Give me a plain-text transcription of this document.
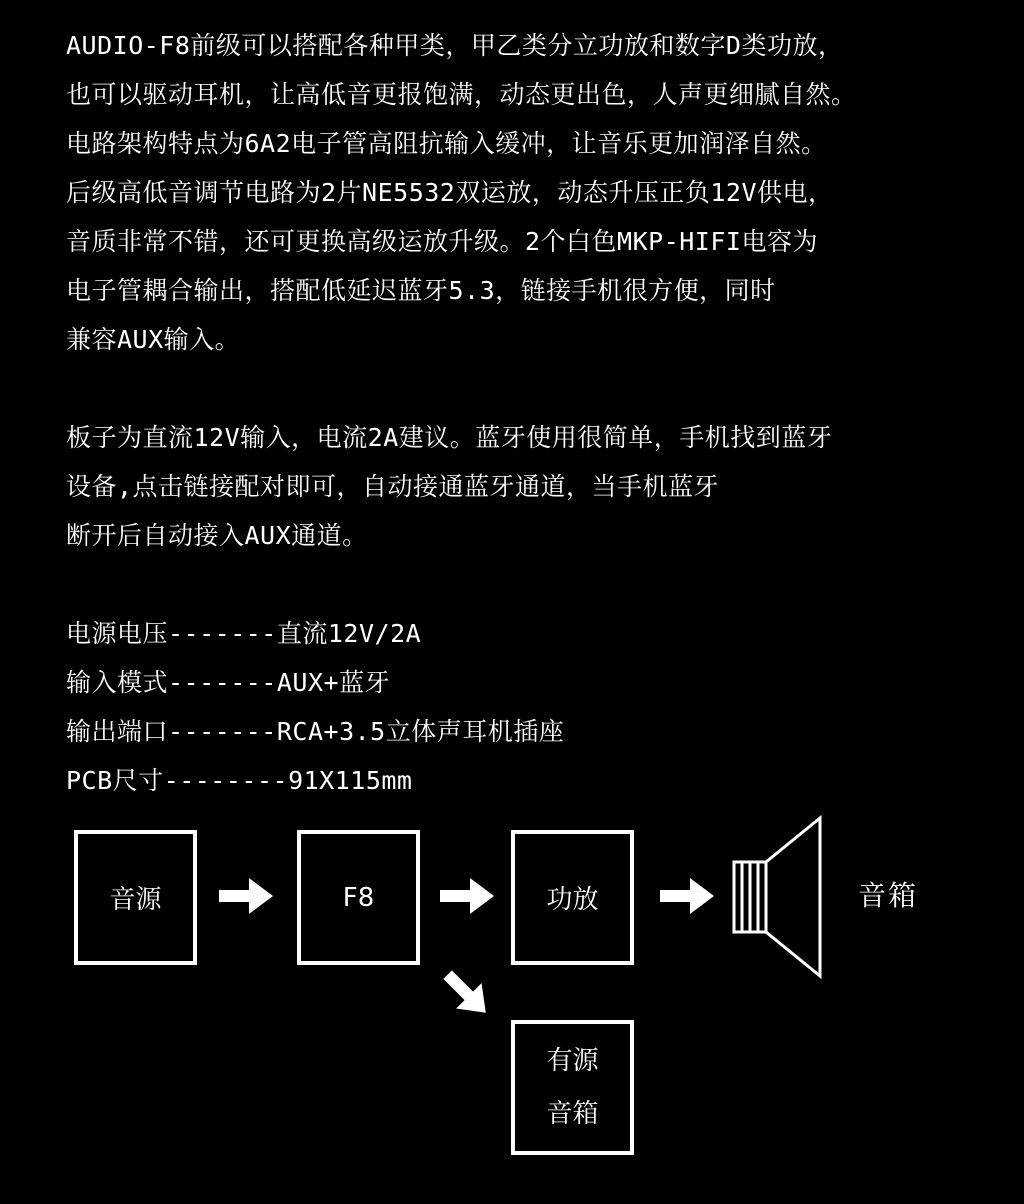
AUDIO-F8前级可以搭配各种甲类，甲乙类分立功放和数字D类功放，
也可以驱动耳机，让高低音更报饱满，动态更出色，人声更细腻自然。
电路架构特点为6A2电子管高阻抗输入缓冲，让音乐更加润泽自然。
后级高低音调节电路为2片NE5532双运放，动态升压正负12V供电，
音质非常不错，还可更换高级运放升级。2个白色MKP-HIFI电容为
电子管耦合输出，搭配低延迟蓝牙5.3，链接手机很方便，同时
兼容AUX输入。
板子为直流12V输入，电流2A建议。蓝牙使用很简单，手机找到蓝牙
设备,点击链接配对即可，自动接通蓝牙通道，当手机蓝牙
断开后自动接入AUX通道。
电源电压-------直流12V/2A
输入模式-------AUX+蓝牙
输出端口-------RCA+3.5立体声耳机插座
PCB尺寸--------91X115mm
音源	F8	功放
有源
音箱
音箱
